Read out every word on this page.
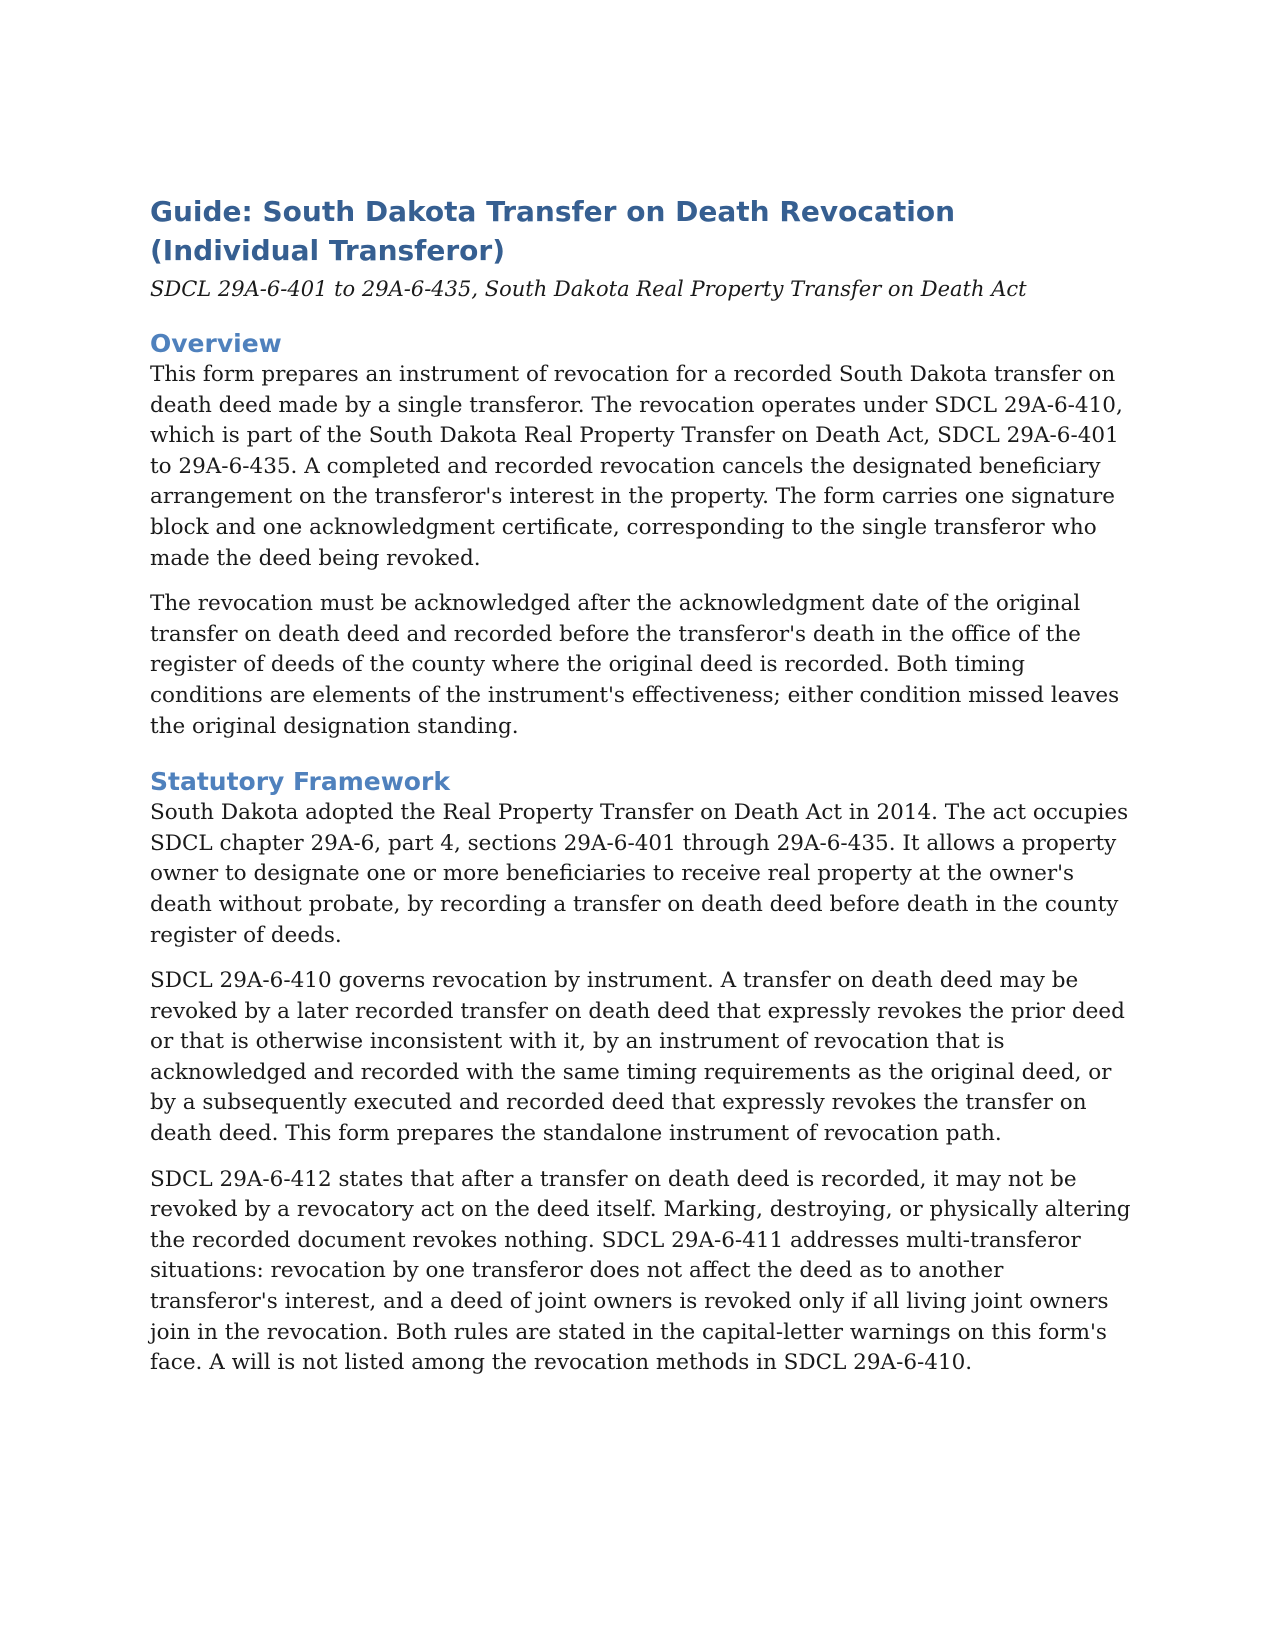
Guide: South Dakota Transfer on Death Revocation (Individual Transferor)

SDCL 29A-6-401 to 29A-6-435, South Dakota Real Property Transfer on Death Act

Overview

This form prepares an instrument of revocation for a recorded South Dakota transfer on death deed made by a single transferor. The revocation operates under SDCL 29A-6-410, which is part of the South Dakota Real Property Transfer on Death Act, SDCL 29A-6-401 to 29A-6-435. A completed and recorded revocation cancels the designated beneficiary arrangement on the transferor's interest in the property. The form carries one signature block and one acknowledgment certificate, corresponding to the single transferor who made the deed being revoked.

The revocation must be acknowledged after the acknowledgment date of the original transfer on death deed and recorded before the transferor's death in the office of the register of deeds of the county where the original deed is recorded. Both timing conditions are elements of the instrument's effectiveness; either condition missed leaves the original designation standing.

Statutory Framework

South Dakota adopted the Real Property Transfer on Death Act in 2014. The act occupies SDCL chapter 29A-6, part 4, sections 29A-6-401 through 29A-6-435. It allows a property owner to designate one or more beneficiaries to receive real property at the owner's death without probate, by recording a transfer on death deed before death in the county register of deeds.

SDCL 29A-6-410 governs revocation by instrument. A transfer on death deed may be revoked by a later recorded transfer on death deed that expressly revokes the prior deed or that is otherwise inconsistent with it, by an instrument of revocation that is acknowledged and recorded with the same timing requirements as the original deed, or by a subsequently executed and recorded deed that expressly revokes the transfer on death deed. This form prepares the standalone instrument of revocation path.

SDCL 29A-6-412 states that after a transfer on death deed is recorded, it may not be revoked by a revocatory act on the deed itself. Marking, destroying, or physically altering the recorded document revokes nothing. SDCL 29A-6-411 addresses multi-transferor situations: revocation by one transferor does not affect the deed as to another transferor's interest, and a deed of joint owners is revoked only if all living joint owners join in the revocation. Both rules are stated in the capital-letter warnings on this form's face. A will is not listed among the revocation methods in SDCL 29A-6-410.
